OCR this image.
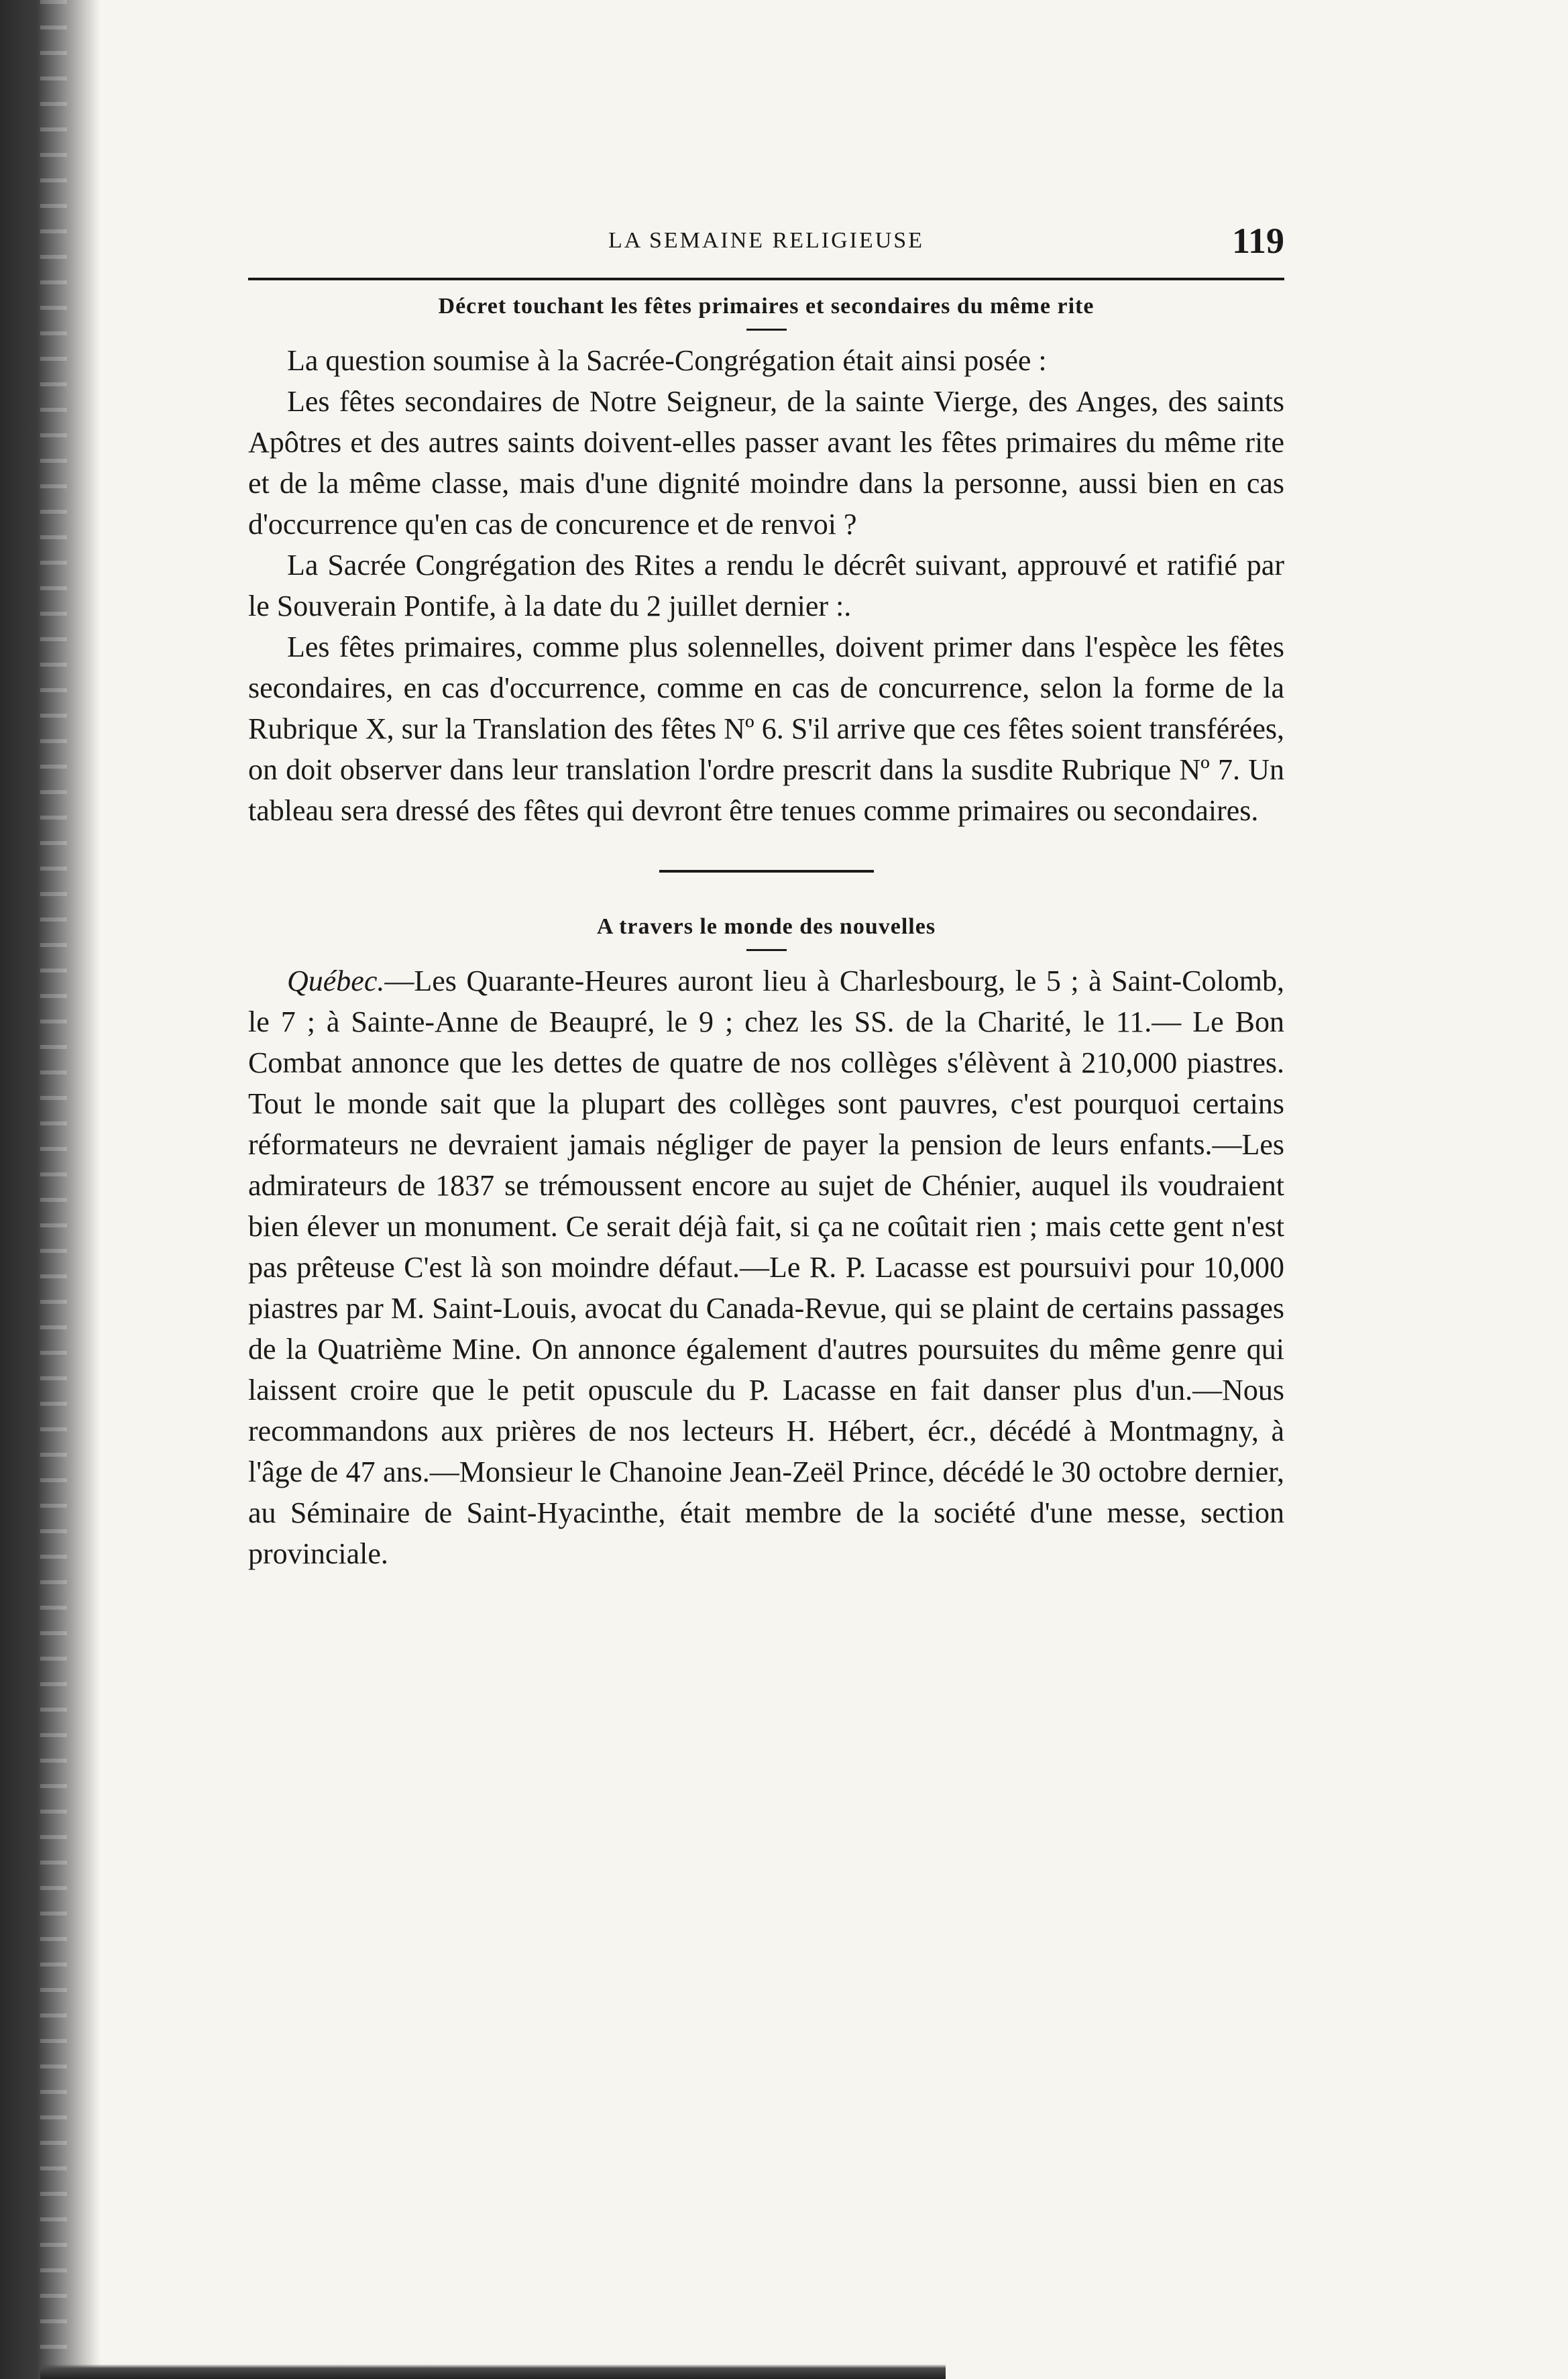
LA SEMAINE RELIGIEUSE	119
Décret touchant les fêtes primaires et secondaires du même rite

La question soumise à la Sacrée-Congrégation était ainsi posée :

Les fêtes secondaires de Notre Seigneur, de la sainte Vierge, des Anges, des saints Apôtres et des autres saints doivent-elles passer avant les fêtes primaires du même rite et de la même classe, mais d'une dignité moindre dans la personne, aussi bien en cas d'occurrence qu'en cas de concurence et de renvoi ?

La Sacrée Congrégation des Rites a rendu le décrêt suivant, approuvé et ratifié par le Souverain Pontife, à la date du 2 juillet dernier :.

Les fêtes primaires, comme plus solennelles, doivent primer dans l'espèce les fêtes secondaires, en cas d'occurrence, comme en cas de concurrence, selon la forme de la Rubrique X, sur la Translation des fêtes Nº 6. S'il arrive que ces fêtes soient transférées, on doit observer dans leur translation l'ordre prescrit dans la susdite Rubrique Nº 7. Un tableau sera dressé des fêtes qui devront être tenues comme primaires ou secondaires.

A travers le monde des nouvelles

Québec.—Les Quarante-Heures auront lieu à Charlesbourg, le 5 ; à Saint-Colomb, le 7 ; à Sainte-Anne de Beaupré, le 9 ; chez les SS. de la Charité, le 11.— Le Bon Combat annonce que les dettes de quatre de nos collèges s'élèvent à 210,000 piastres. Tout le monde sait que la plupart des collèges sont pauvres, c'est pourquoi certains réformateurs ne devraient jamais négliger de payer la pension de leurs enfants.—Les admirateurs de 1837 se trémoussent encore au sujet de Chénier, auquel ils voudraient bien élever un monument. Ce serait déjà fait, si ça ne coûtait rien ; mais cette gent n'est pas prêteuse C'est là son moindre défaut.—Le R. P. Lacasse est poursuivi pour 10,000 piastres par M. Saint-Louis, avocat du Canada-Revue, qui se plaint de certains passages de la Quatrième Mine. On annonce également d'autres poursuites du même genre qui laissent croire que le petit opuscule du P. Lacasse en fait danser plus d'un.—Nous recommandons aux prières de nos lecteurs H. Hébert, écr., décédé à Montmagny, à l'âge de 47 ans.—Monsieur le Chanoine Jean-Zeël Prince, décédé le 30 octobre dernier, au Séminaire de Saint-Hyacinthe, était membre de la société d'une messe, section provinciale.
